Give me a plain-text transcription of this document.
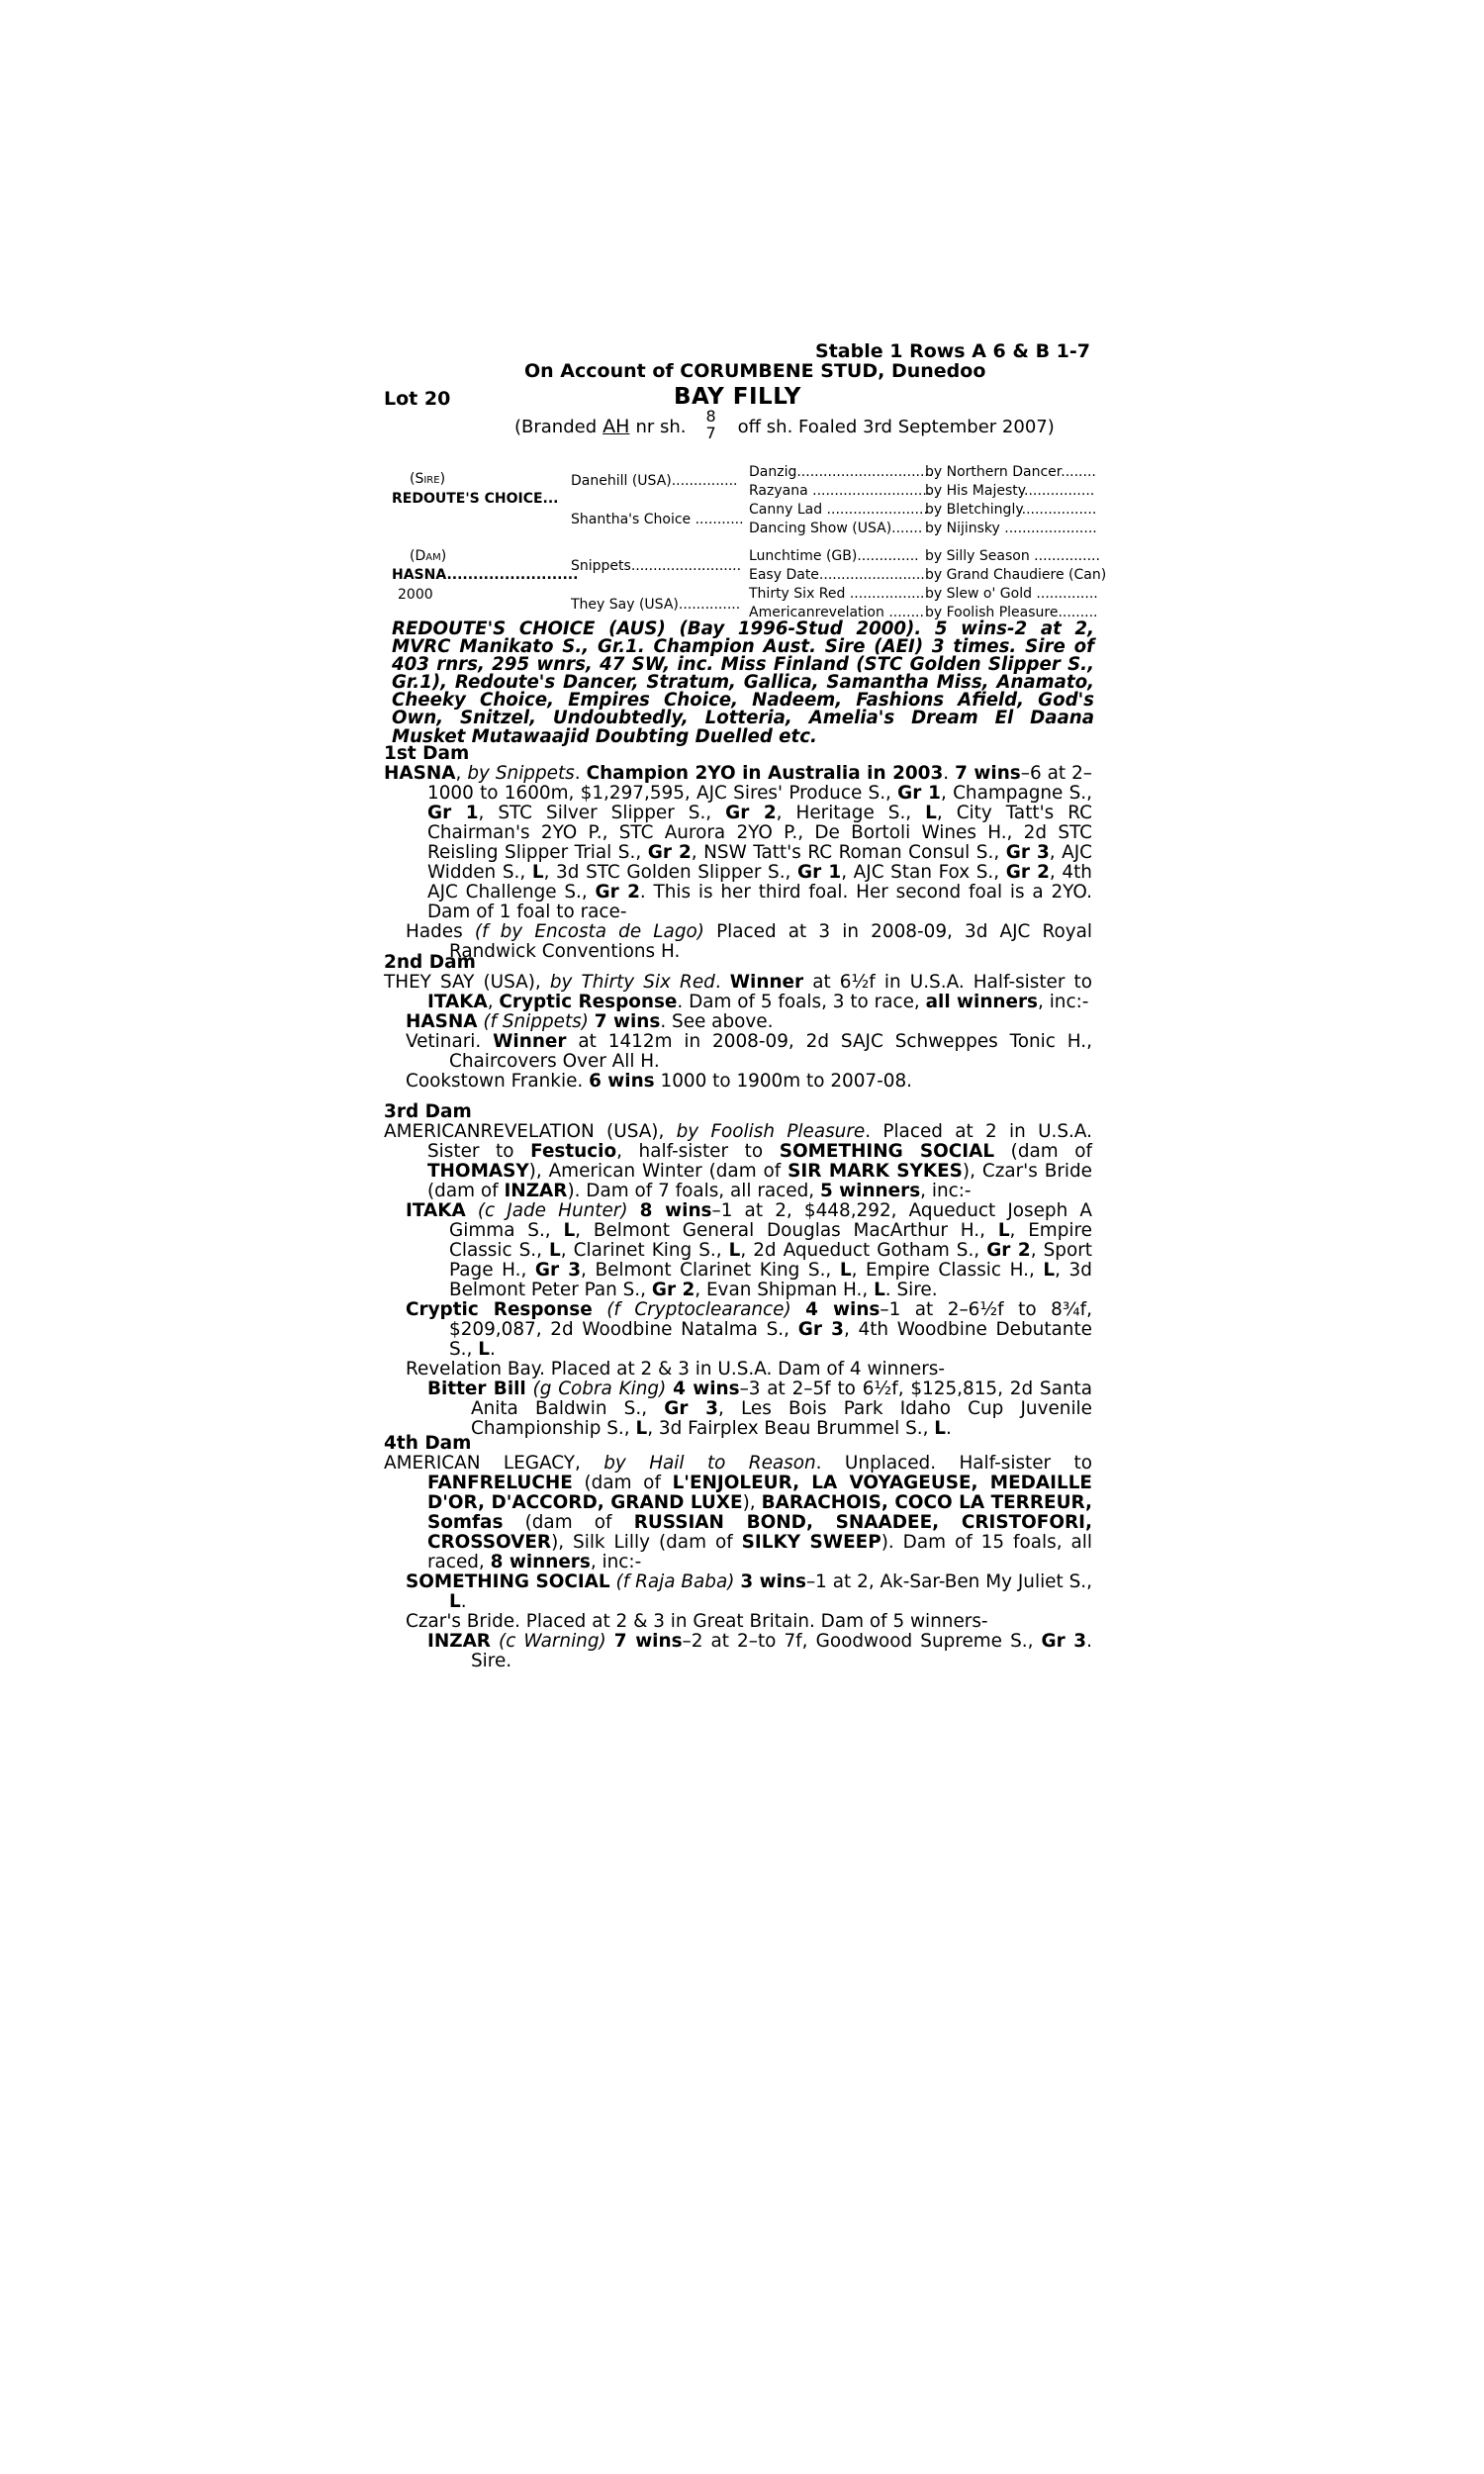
Stable 1 Rows A 6 & B 1-7
On Account of CORUMBENE STUD, Dunedoo
Lot 20	BAY FILLY
(Branded AH nr sh. 8
7 off sh. Foaled 3rd September 2007)
(Sire)
REDOUTE'S CHOICE...
(Dam)
HASNA.........................
2000
Danehill (USA)...............
Shantha's Choice ...........
Snippets.........................
They Say (USA)..............
Danzig...............................
Razyana ...........................
Canny Lad .......................
Dancing Show (USA).......
Lunchtime (GB)..............
Easy Date........................
Thirty Six Red .................
Americanrevelation ........
by Northern Dancer........
by His Majesty................
by Bletchingly.................
by Nijinsky .....................
by Silly Season ...............
by Grand Chaudiere (Can)
by Slew o' Gold ..............
by Foolish Pleasure.........
REDOUTE'S CHOICE (AUS) (Bay 1996-Stud 2000). 5 wins-2 at 2, MVRC Manikato S., Gr.1. Champion Aust. Sire (AEI) 3 times. Sire of 403 rnrs, 295 wnrs, 47 SW, inc. Miss Finland (STC Golden Slipper S., Gr.1), Redoute's Dancer, Stratum, Gallica, Samantha Miss, Anamato, Cheeky Choice, Empires Choice, Nadeem, Fashions Afield, God's Own, Snitzel, Undoubtedly, Lotteria, Amelia's Dream El Daana Musket Mutawaajid Doubting Duelled etc.
1st Dam

HASNA, by Snippets. Champion 2YO in Australia in 2003. 7 wins–6 at 2–1000 to 1600m, $1,297,595, AJC Sires' Produce S., Gr 1, Champagne S., Gr 1, STC Silver Slipper S., Gr 2, Heritage S., L, City Tatt's RC Chairman's 2YO P., STC Aurora 2YO P., De Bortoli Wines H., 2d STC Reisling Slipper Trial S., Gr 2, NSW Tatt's RC Roman Consul S., Gr 3, AJC Widden S., L, 3d STC Golden Slipper S., Gr 1, AJC Stan Fox S., Gr 2, 4th AJC Challenge S., Gr 2. This is her third foal. Her second foal is a 2YO. Dam of 1 foal to race-

Hades (f by Encosta de Lago) Placed at 3 in 2008-09, 3d AJC Royal Randwick Conventions H.

2nd Dam

THEY SAY (USA), by Thirty Six Red. Winner at 6½f in U.S.A. Half-sister to ITAKA, Cryptic Response. Dam of 5 foals, 3 to race, all winners, inc:-

HASNA (f Snippets) 7 wins. See above.

Vetinari. Winner at 1412m in 2008-09, 2d SAJC Schweppes Tonic H., Chaircovers Over All H.

Cookstown Frankie. 6 wins 1000 to 1900m to 2007-08.

3rd Dam

AMERICANREVELATION (USA), by Foolish Pleasure. Placed at 2 in U.S.A. Sister to Festucio, half-sister to SOMETHING SOCIAL (dam of THOMASY), American Winter (dam of SIR MARK SYKES), Czar's Bride (dam of INZAR). Dam of 7 foals, all raced, 5 winners, inc:-

ITAKA (c Jade Hunter) 8 wins–1 at 2, $448,292, Aqueduct Joseph A Gimma S., L, Belmont General Douglas MacArthur H., L, Empire Classic S., L, Clarinet King S., L, 2d Aqueduct Gotham S., Gr 2, Sport Page H., Gr 3, Belmont Clarinet King S., L, Empire Classic H., L, 3d Belmont Peter Pan S., Gr 2, Evan Shipman H., L. Sire.

Cryptic Response (f Cryptoclearance) 4 wins–1 at 2–6½f to 8¾f, $209,087, 2d Woodbine Natalma S., Gr 3, 4th Woodbine Debutante S., L.

Revelation Bay. Placed at 2 & 3 in U.S.A. Dam of 4 winners-

Bitter Bill (g Cobra King) 4 wins–3 at 2–5f to 6½f, $125,815, 2d Santa Anita Baldwin S., Gr 3, Les Bois Park Idaho Cup Juvenile Championship S., L, 3d Fairplex Beau Brummel S., L.

4th Dam

AMERICAN LEGACY, by Hail to Reason. Unplaced. Half-sister to FANFRELUCHE (dam of L'ENJOLEUR, LA VOYAGEUSE, MEDAILLE D'OR, D'ACCORD, GRAND LUXE), BARACHOIS, COCO LA TERREUR, Somfas (dam of RUSSIAN BOND, SNAADEE, CRISTOFORI, CROSSOVER), Silk Lilly (dam of SILKY SWEEP). Dam of 15 foals, all raced, 8 winners, inc:-

SOMETHING SOCIAL (f Raja Baba) 3 wins–1 at 2, Ak-Sar-Ben My Juliet S., L.

Czar's Bride. Placed at 2 & 3 in Great Britain. Dam of 5 winners-

INZAR (c Warning) 7 wins–2 at 2–to 7f, Goodwood Supreme S., Gr 3. Sire.
